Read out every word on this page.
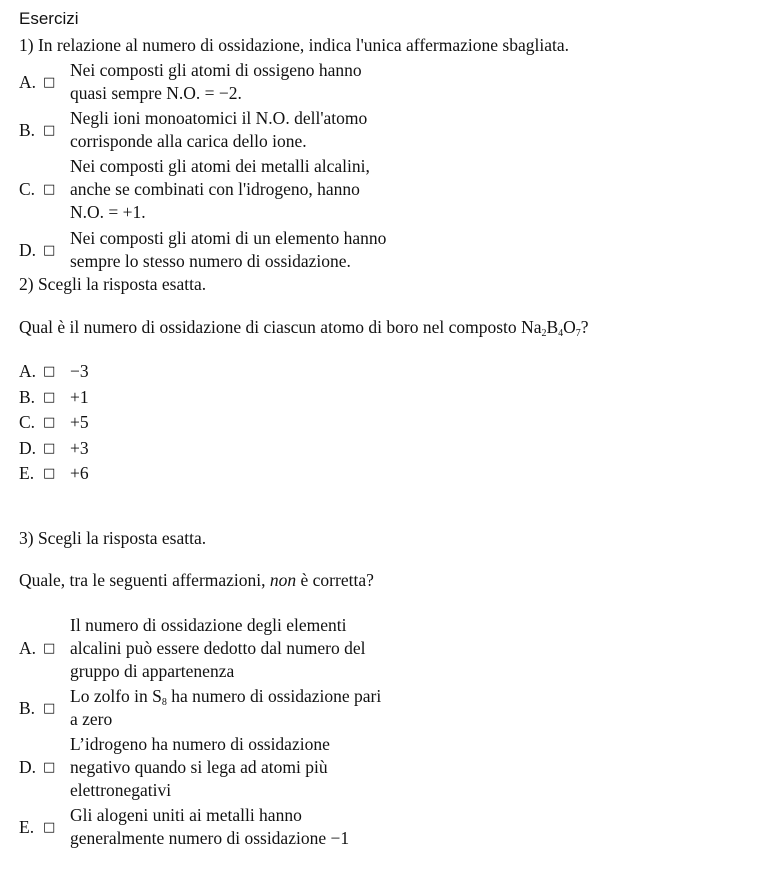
Esercizi
1) In relazione al numero di ossidazione, indica l'unica affermazione sbagliata.
A. □
Nei composti gli atomi di ossigeno hanno
quasi sempre N.O. = −2.
B. □
Negli ioni monoatomici il N.O. dell'atomo
corrisponde alla carica dello ione.
C. □
Nei composti gli atomi dei metalli alcalini,
anche se combinati con l'idrogeno, hanno
N.O. = +1.
D. □
Nei composti gli atomi di un elemento hanno
sempre lo stesso numero di ossidazione.
2) Scegli la risposta esatta.
Qual è il numero di ossidazione di ciascun atomo di boro nel composto $Na_2B_4O_7$?
A. □ −3
B. □ +1
C. □ +5
D. □ +3
E. □ +6
3) Scegli la risposta esatta.
Quale, tra le seguenti affermazioni, non è corretta?
A. □
Il numero di ossidazione degli elementi
alcalini può essere dedotto dal numero del
gruppo di appartenenza
B. □
Lo zolfo in $S_8$ ha numero di ossidazione pari
a zero
D. □
L’idrogeno ha numero di ossidazione
negativo quando si lega ad atomi più
elettronegativi
E. □
Gli alogeni uniti ai metalli hanno
generalmente numero di ossidazione −1
